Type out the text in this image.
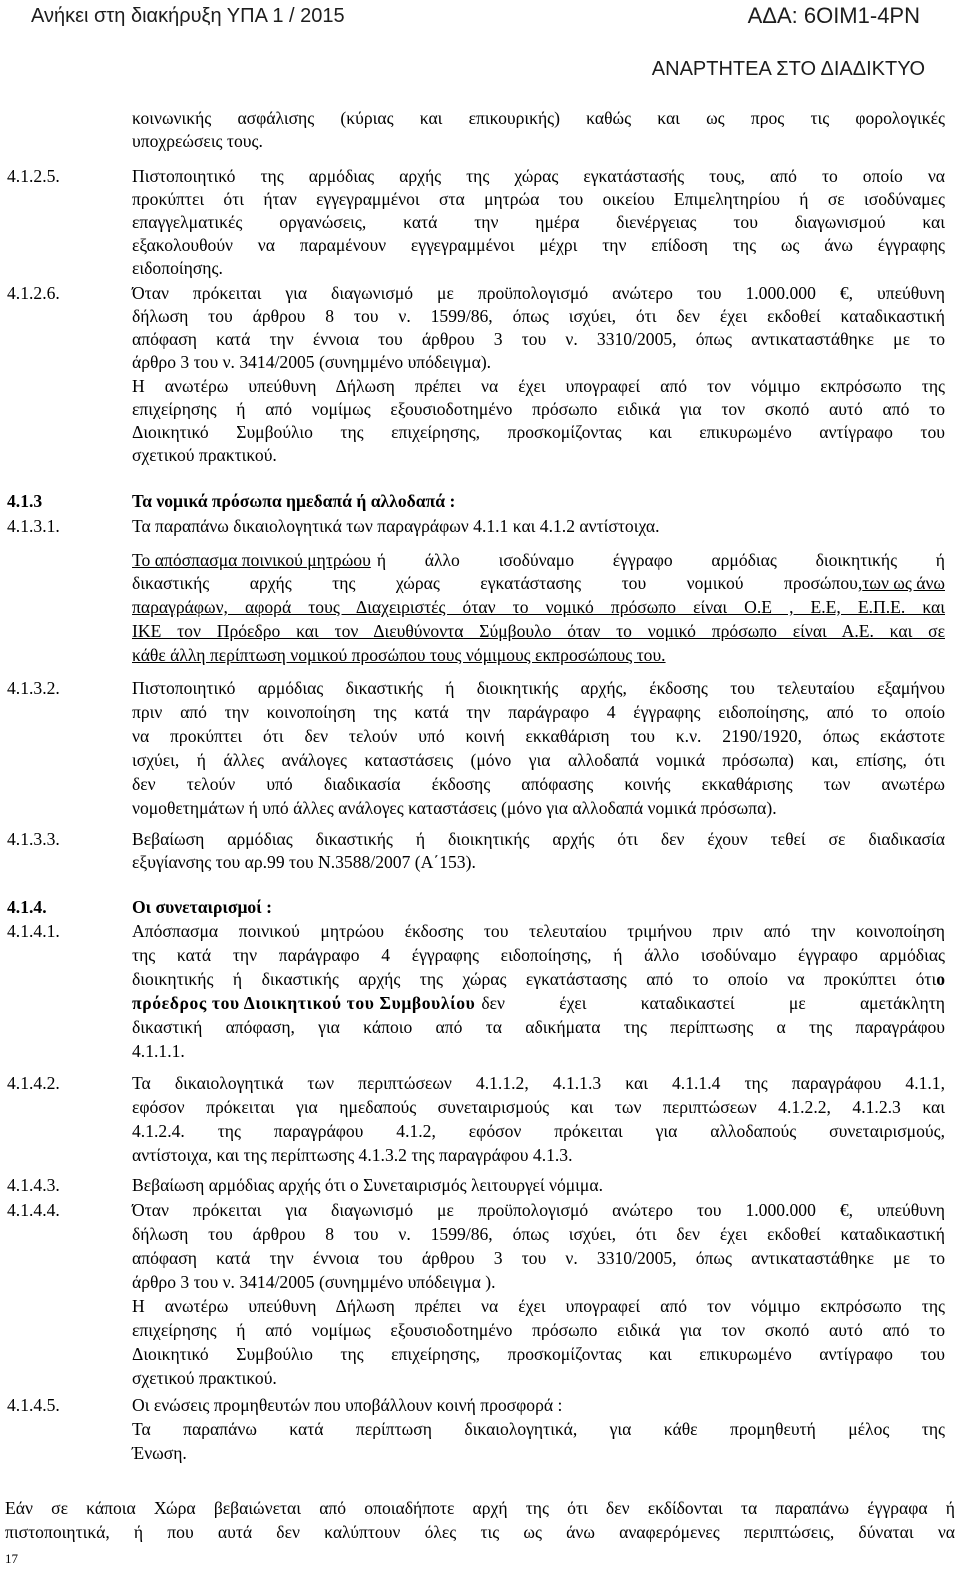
Ανήκει στη διακήρυξη ΥΠΑ 1 / 2015	ΑΔΑ: 6ΟΙΜ1-4ΡΝ
ΑΝΑΡΤΗΤΕΑ ΣΤΟ ΔΙΑΔΙΚΤΥΟ
κοινωνικής ασφάλισης (κύριας και επικουρικής) καθώς και ως προς τις φορολογικές
υποχρεώσεις τους.
4.1.2.5.	Πιστοποιητικό της αρμόδιας αρχής της χώρας εγκατάστασής τους, από το οποίο να
προκύπτει ότι ήταν εγγεγραμμένοι στα μητρώα του οικείου Επιμελητηρίου ή σε ισοδύναμες
επαγγελματικές οργανώσεις, κατά την ημέρα διενέργειας του διαγωνισμού και
εξακολουθούν να παραμένουν εγγεγραμμένοι μέχρι την επίδοση της ως άνω έγγραφης
ειδοποίησης.
4.1.2.6.	Όταν πρόκειται για διαγωνισμό με προϋπολογισμό ανώτερο του 1.000.000 €, υπεύθυνη
δήλωση του άρθρου 8 του ν. 1599/86, όπως ισχύει, ότι δεν έχει εκδοθεί καταδικαστική
απόφαση κατά την έννοια του άρθρου 3 του ν. 3310/2005, όπως αντικαταστάθηκε με το
άρθρο 3 του ν. 3414/2005 (συνημμένο υπόδειγμα).
Η ανωτέρω υπεύθυνη Δήλωση πρέπει να έχει υπογραφεί από τον νόμιμο εκπρόσωπο της
επιχείρησης ή από νομίμως εξουσιοδοτημένο πρόσωπο ειδικά για τον σκοπό αυτό από το
Διοικητικό Συμβούλιο της επιχείρησης, προσκομίζοντας και επικυρωμένο αντίγραφο του
σχετικού πρακτικού.
4.1.3	Τα νομικά πρόσωπα ημεδαπά ή αλλοδαπά :
4.1.3.1.	Τα παραπάνω δικαιολογητικά των παραγράφων 4.1.1 και 4.1.2 αντίστοιχα.
Το απόσπασμα ποινικού μητρώου ή άλλο ισοδύναμο έγγραφο αρμόδιας διοικητικής ή
δικαστικής αρχής της χώρας εγκατάστασης του νομικού προσώπου, των ως άνω
παραγράφων, αφορά τους Διαχειριστές όταν το νομικό πρόσωπο είναι Ο.Ε , Ε.Ε, Ε.Π.Ε. και
ΙΚΕ τον Πρόεδρο και τον Διευθύνοντα Σύμβουλο όταν το νομικό πρόσωπο είναι Α.Ε. και σε
κάθε άλλη περίπτωση νομικού προσώπου τους νόμιμους εκπροσώπους του.
4.1.3.2.	Πιστοποιητικό αρμόδιας δικαστικής ή διοικητικής αρχής, έκδοσης του τελευταίου εξαμήνου
πριν από την κοινοποίηση της κατά την παράγραφο 4 έγγραφης ειδοποίησης, από το οποίο
να προκύπτει ότι δεν τελούν υπό κοινή εκκαθάριση του κ.ν. 2190/1920, όπως εκάστοτε
ισχύει, ή άλλες ανάλογες καταστάσεις (μόνο για αλλοδαπά νομικά πρόσωπα) και, επίσης, ότι
δεν τελούν υπό διαδικασία έκδοσης απόφασης κοινής εκκαθάρισης των ανωτέρω
νομοθετημάτων ή υπό άλλες ανάλογες καταστάσεις (μόνο για αλλοδαπά νομικά πρόσωπα).
4.1.3.3.	Βεβαίωση αρμόδιας δικαστικής ή διοικητικής αρχής ότι δεν έχουν τεθεί σε διαδικασία
εξυγίανσης του αρ.99 του Ν.3588/2007 (Α΄153).
4.1.4.	Οι συνεταιρισμοί :
4.1.4.1.	Απόσπασμα ποινικού μητρώου έκδοσης του τελευταίου τριμήνου πριν από την κοινοποίηση
της κατά την παράγραφο 4 έγγραφης ειδοποίησης, ή άλλο ισοδύναμο έγγραφο αρμόδιας
διοικητικής ή δικαστικής αρχής της χώρας εγκατάστασης από το οποίο να προκύπτει ότι ο
πρόεδρος του Διοικητικού του Συμβουλίου δεν έχει καταδικαστεί με αμετάκλητη
δικαστική απόφαση, για κάποιο από τα αδικήματα της περίπτωσης α της παραγράφου
4.1.1.1.
4.1.4.2.	Τα δικαιολογητικά των περιπτώσεων 4.1.1.2, 4.1.1.3 και 4.1.1.4 της παραγράφου 4.1.1,
εφόσον πρόκειται για ημεδαπούς συνεταιρισμούς και των περιπτώσεων 4.1.2.2, 4.1.2.3 και
4.1.2.4. της παραγράφου 4.1.2, εφόσον πρόκειται για αλλοδαπούς συνεταιρισμούς,
αντίστοιχα, και της περίπτωσης 4.1.3.2 της παραγράφου 4.1.3.
4.1.4.3.	Βεβαίωση αρμόδιας αρχής ότι ο Συνεταιρισμός λειτουργεί νόμιμα.
4.1.4.4.	Όταν πρόκειται για διαγωνισμό με προϋπολογισμό ανώτερο του 1.000.000 €, υπεύθυνη
δήλωση του άρθρου 8 του ν. 1599/86, όπως ισχύει, ότι δεν έχει εκδοθεί καταδικαστική
απόφαση κατά την έννοια του άρθρου 3 του ν. 3310/2005, όπως αντικαταστάθηκε με το
άρθρο 3 του ν. 3414/2005 (συνημμένο υπόδειγμα ).
Η ανωτέρω υπεύθυνη Δήλωση πρέπει να έχει υπογραφεί από τον νόμιμο εκπρόσωπο της
επιχείρησης ή από νομίμως εξουσιοδοτημένο πρόσωπο ειδικά για τον σκοπό αυτό από το
Διοικητικό Συμβούλιο της επιχείρησης, προσκομίζοντας και επικυρωμένο αντίγραφο του
σχετικού πρακτικού.
4.1.4.5.	Οι ενώσεις προμηθευτών που υποβάλλουν κοινή προσφορά :
Τα παραπάνω κατά περίπτωση δικαιολογητικά, για κάθε προμηθευτή μέλος της
Ένωση.
Εάν σε κάποια Χώρα βεβαιώνεται από οποιαδήποτε αρχή της ότι δεν εκδίδονται τα παραπάνω έγγραφα ή
πιστοποιητικά, ή που αυτά δεν καλύπτουν όλες τις ως άνω αναφερόμενες περιπτώσεις, δύναται να
17
